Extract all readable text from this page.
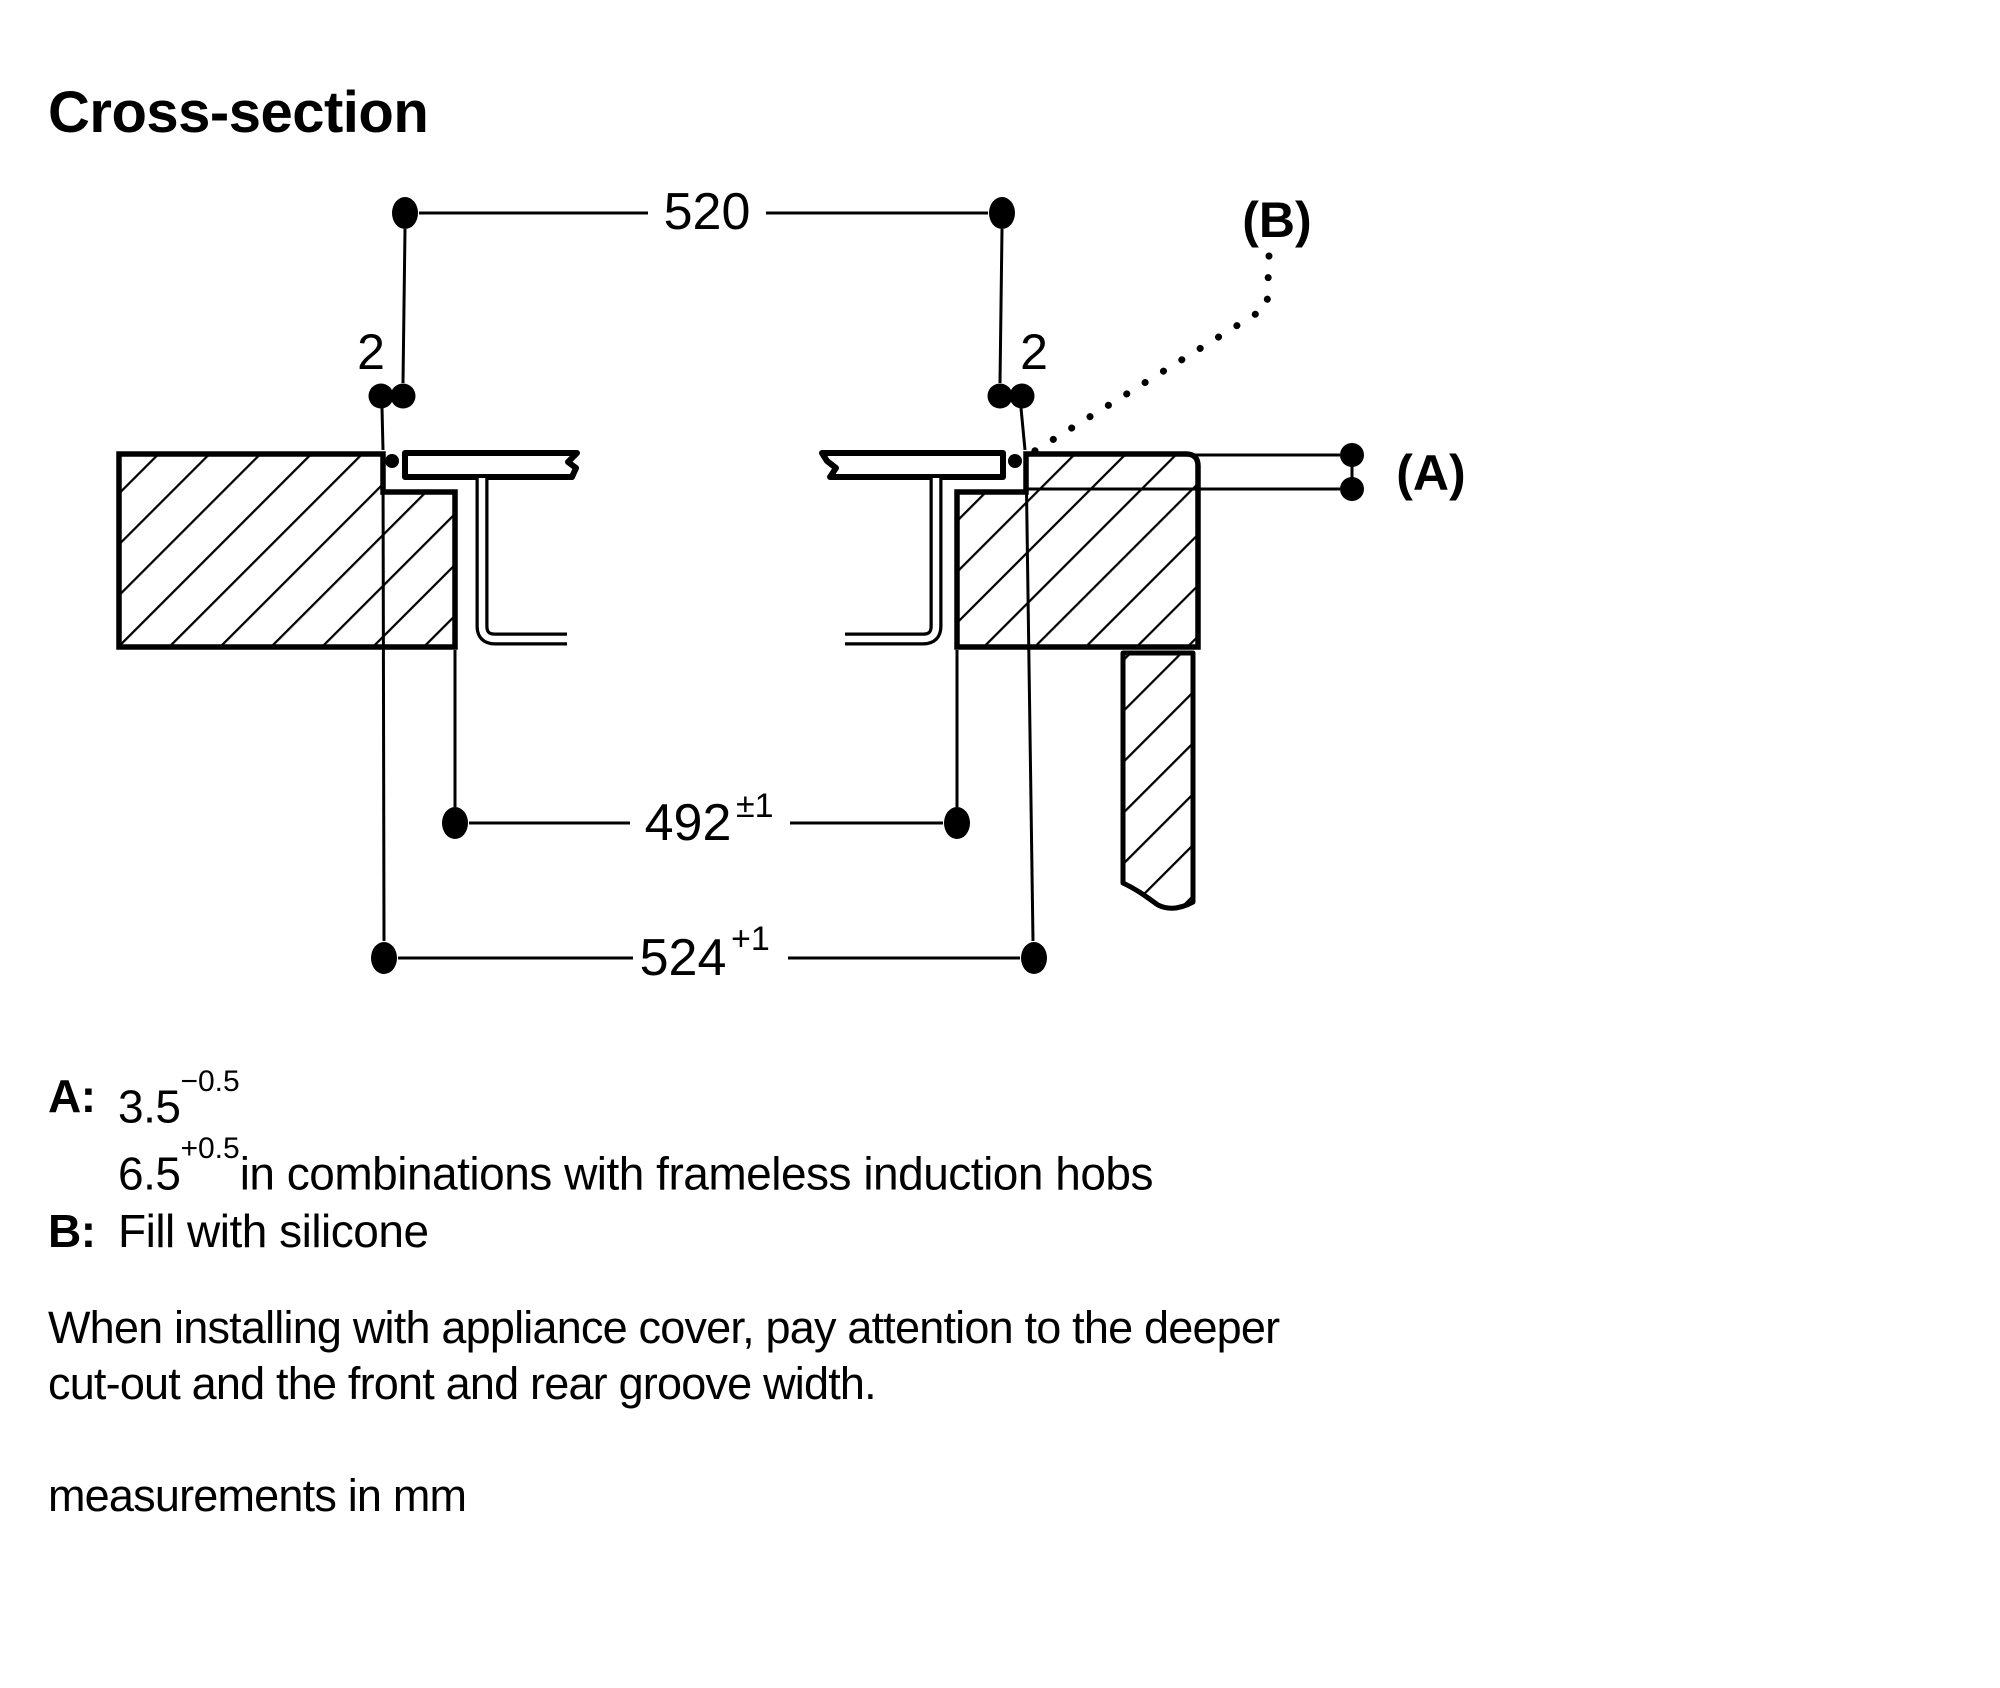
Cross-section
520
2	2
492 ±1
524 +1
(A)
(B)
A: $3.5^{-0.5}$
$6.5^{+0.5}in$ combinations with frameless induction hobs
B: Fill with silicone
When installing with appliance cover, pay attention to the deeper
cut-out and the front and rear groove width.
measurements in mm
